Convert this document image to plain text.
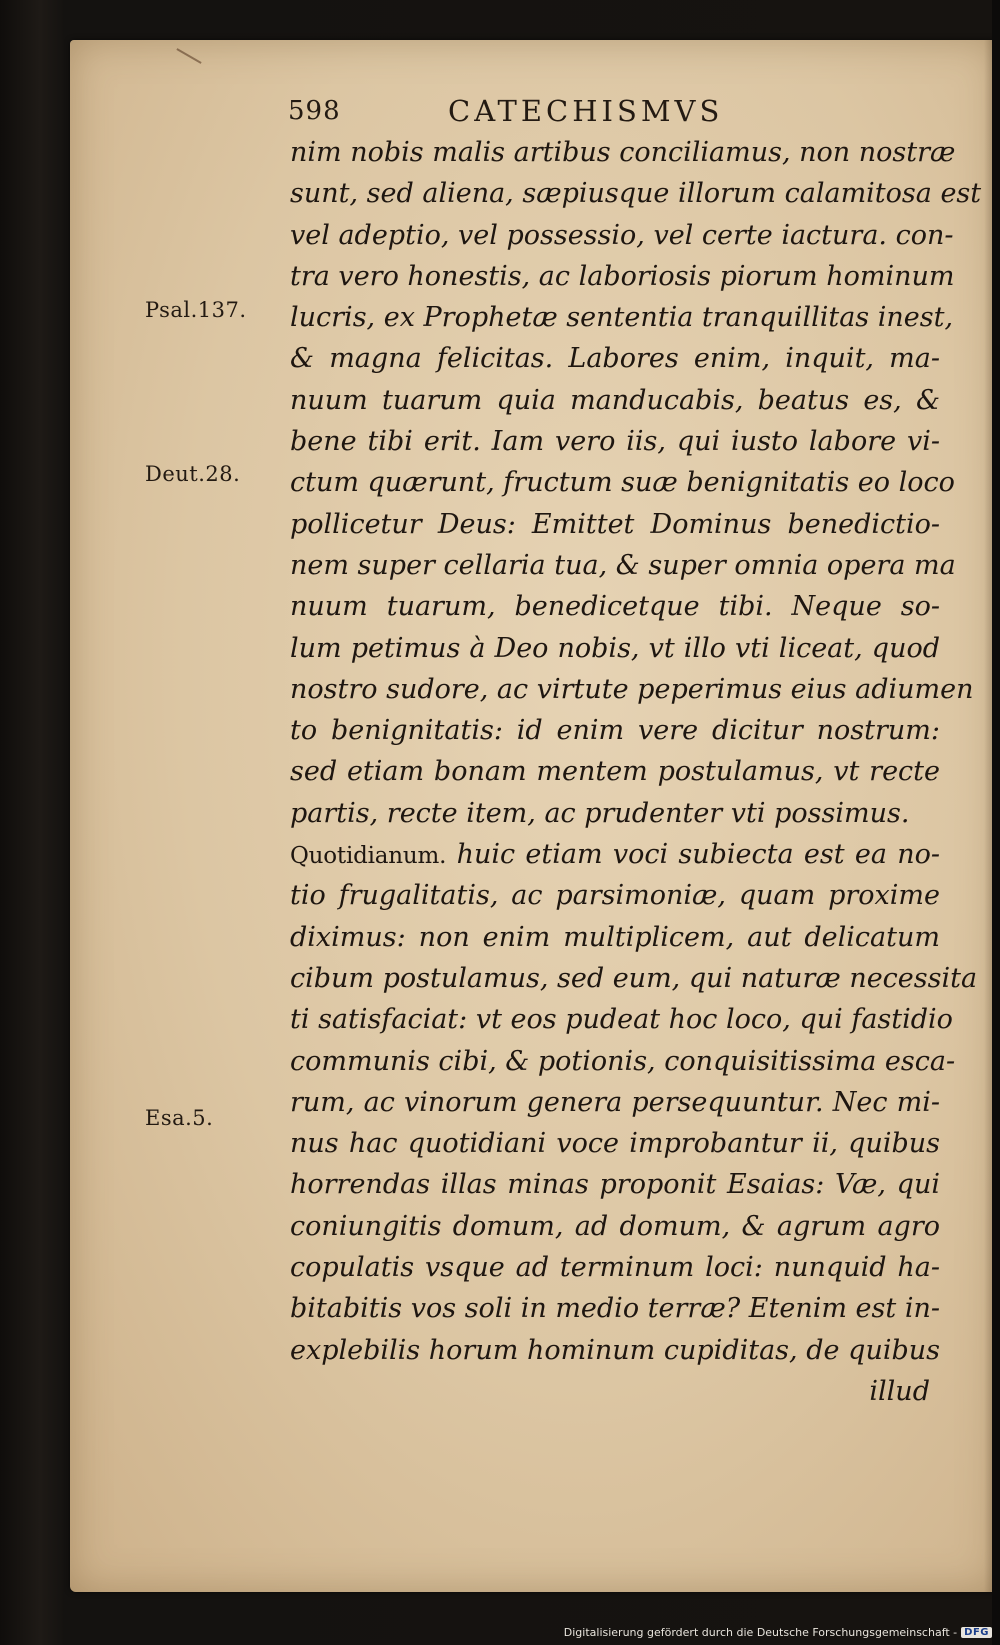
598	CATECHISMVS
Psal.137.
Deut.28.
Esa.5.
nim nobis malis artibus conciliamus, non nostræ
sunt, sed aliena, sæpiusque illorum calamitosa est
vel adeptio, vel possessio, vel certe iactura. con-
tra vero honestis, ac laboriosis piorum hominum
lucris, ex Prophetæ sententia tranquillitas inest,
& magna felicitas. Labores enim, inquit, ma-
nuum tuarum quia manducabis, beatus es, &
bene tibi erit. Iam vero iis, qui iusto labore vi-
ctum quærunt, fructum suæ benignitatis eo loco
pollicetur Deus: Emittet Dominus benedictio-
nem super cellaria tua, & super omnia opera ma
nuum tuarum, benedicetque tibi. Neque so-
lum petimus à Deo nobis, vt illo vti liceat, quod
nostro sudore, ac virtute peperimus eius adiumen
to benignitatis: id enim vere dicitur nostrum:
sed etiam bonam mentem postulamus, vt recte
partis, recte item, ac prudenter vti possimus.
Quotidianum. huic etiam voci subiecta est ea no-
tio frugalitatis, ac parsimoniæ, quam proxime
diximus: non enim multiplicem, aut delicatum
cibum postulamus, sed eum, qui naturæ necessita
ti satisfaciat: vt eos pudeat hoc loco, qui fastidio
communis cibi, & potionis, conquisitissima esca-
rum, ac vinorum genera persequuntur. Nec mi-
nus hac quotidiani voce improbantur ii, quibus
horrendas illas minas proponit Esaias: Væ, qui
coniungitis domum, ad domum, & agrum agro
copulatis vsque ad terminum loci: nunquid ha-
bitabitis vos soli in medio terræ? Etenim est in-
explebilis horum hominum cupiditas, de quibus
illud
Digitalisierung gefördert durch die Deutsche Forschungsgemeinschaft - DFG
